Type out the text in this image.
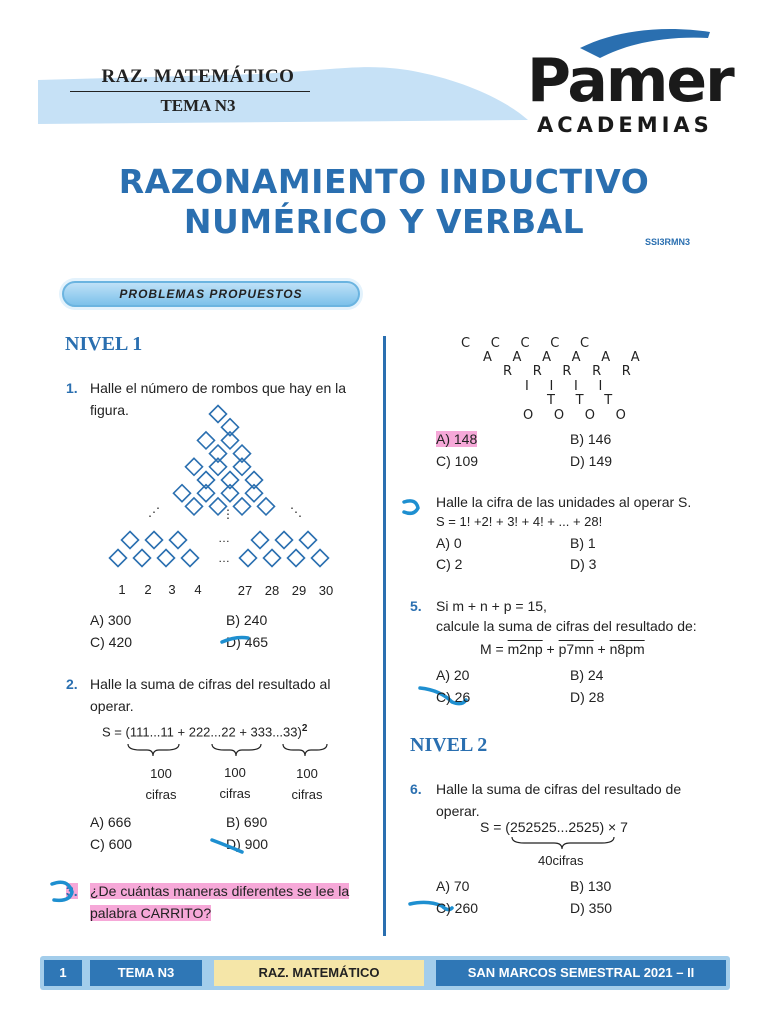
RAZ. MATEMÁTICO
TEMA N3	Pamer
ACADEMIAS
RAZONAMIENTO INDUCTIVO
NUMÉRICO Y VERBAL
SSI3RMN3
PROBLEMAS PROPUESTOS
NIVEL 1
1. Halle el número de rombos que hay en la figura.
⋰	⋮	⋱
…
…
1 2 3 4	27 28 29 30
A) 300	B) 240
C) 420	D) 465
2. Halle la suma de cifras del resultado al operar.
$S = (111...11 + 222...22 + 333...33)^2$
100
cifras
100
cifras
100
cifras
A) 666	B) 690
C) 600	D) 900
3. ¿De cuántas maneras diferentes se lee la palabra CARRITO?
C     C     C     C     C
A     A     A     A     A     A
R     R     R     R     R
I     I     I     I
T     T     T
O     O     O     O
A) 148	B) 146
C) 109	D) 149
Halle la cifra de las unidades al operar S.
S = 1! +2! + 3! + 4! + ... + 28!
A) 0	B) 1
C) 2	D) 3
5. Si m + n + p = 15,
calcule la suma de cifras del resultado de:
M = m2np + p7mn + n8pm
A) 20	B) 24
C) 26	D) 28
NIVEL 2
6. Halle la suma de cifras del resultado de operar.
S = (252525...2525) × 7
40cifras
A) 70	B) 130
C) 260	D) 350
1	TEMA N3	RAZ. MATEMÁTICO	SAN MARCOS SEMESTRAL 2021 – II
